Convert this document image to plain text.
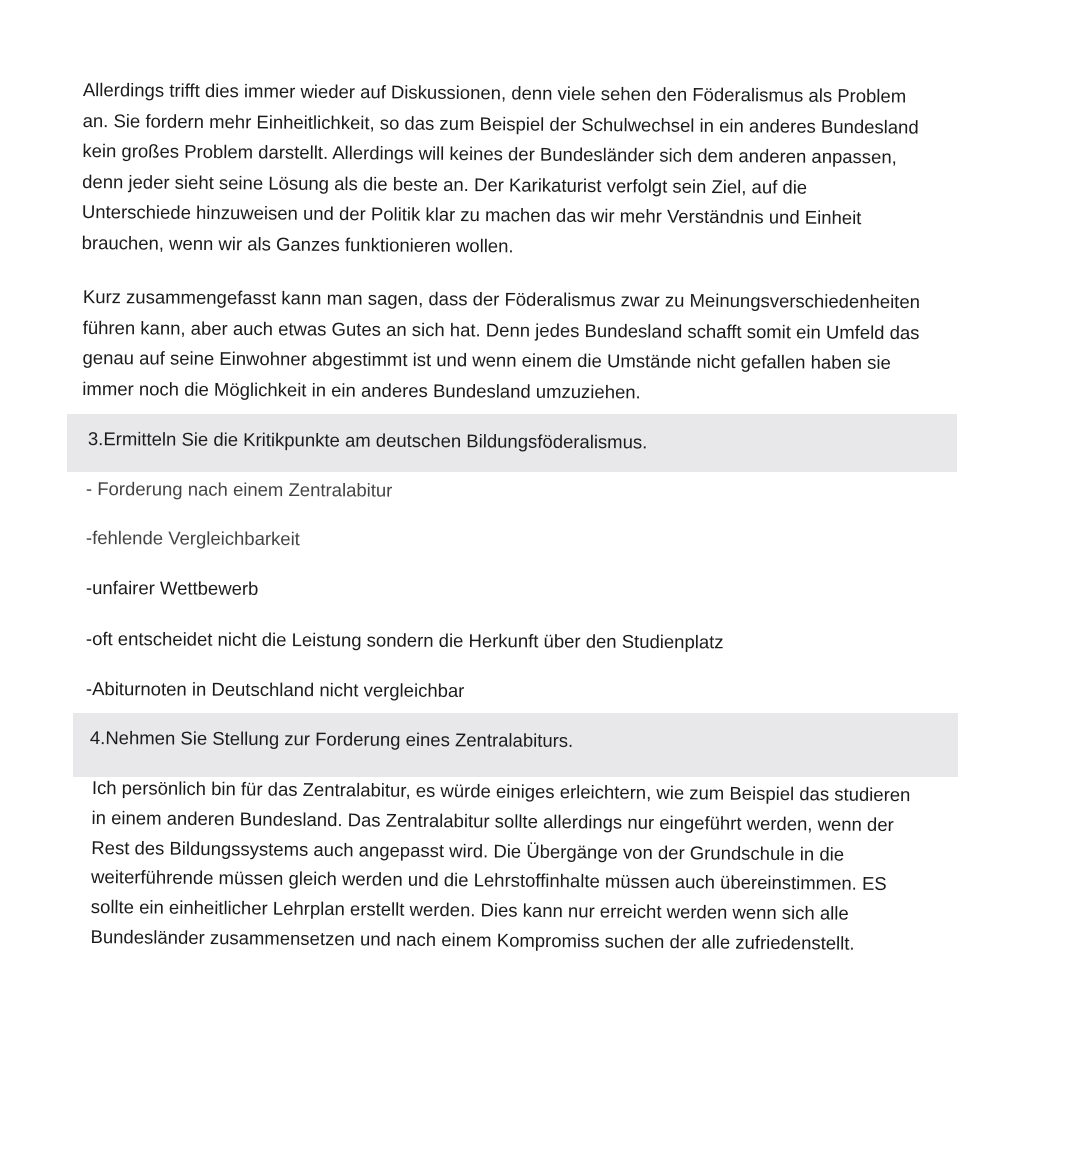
Allerdings trifft dies immer wieder auf Diskussionen, denn viele sehen den Föderalismus als Problem
an. Sie fordern mehr Einheitlichkeit, so das zum Beispiel der Schulwechsel in ein anderes Bundesland
kein großes Problem darstellt. Allerdings will keines der Bundesländer sich dem anderen anpassen,
denn jeder sieht seine Lösung als die beste an. Der Karikaturist verfolgt sein Ziel, auf die
Unterschiede hinzuweisen und der Politik klar zu machen das wir mehr Verständnis und Einheit
brauchen, wenn wir als Ganzes funktionieren wollen.
Kurz zusammengefasst kann man sagen, dass der Föderalismus zwar zu Meinungsverschiedenheiten
führen kann, aber auch etwas Gutes an sich hat. Denn jedes Bundesland schafft somit ein Umfeld das
genau auf seine Einwohner abgestimmt ist und wenn einem die Umstände nicht gefallen haben sie
immer noch die Möglichkeit in ein anderes Bundesland umzuziehen.
3.Ermitteln Sie die Kritikpunkte am deutschen Bildungsföderalismus.
- Forderung nach einem Zentralabitur
-fehlende Vergleichbarkeit
-unfairer Wettbewerb
-oft entscheidet nicht die Leistung sondern die Herkunft über den Studienplatz
-Abiturnoten in Deutschland nicht vergleichbar
4.Nehmen Sie Stellung zur Forderung eines Zentralabiturs.
Ich persönlich bin für das Zentralabitur, es würde einiges erleichtern, wie zum Beispiel das studieren
in einem anderen Bundesland. Das Zentralabitur sollte allerdings nur eingeführt werden, wenn der
Rest des Bildungssystems auch angepasst wird. Die Übergänge von der Grundschule in die
weiterführende müssen gleich werden und die Lehrstoffinhalte müssen auch übereinstimmen. ES
sollte ein einheitlicher Lehrplan erstellt werden. Dies kann nur erreicht werden wenn sich alle
Bundesländer zusammensetzen und nach einem Kompromiss suchen der alle zufriedenstellt.
